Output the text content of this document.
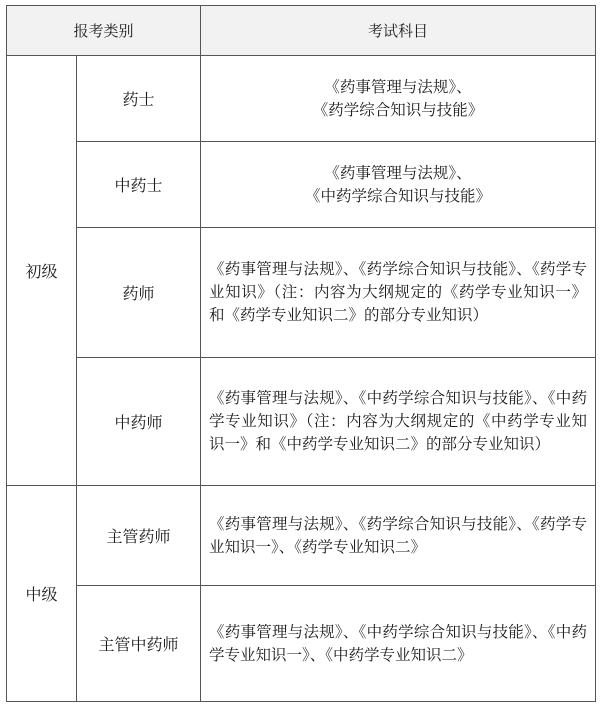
报考类别		考试科目
初级	药士	《药事管理与法规》、
《药学综合知识与技能》
	中药士	《药事管理与法规》、
《中药学综合知识与技能》
	药师	《药事管理与法规》、《药学综合知识与技能》、《药学专业知识》（注：内容为大纲规定的《药学专业知识一》和《药学专业知识二》的部分专业知识）
	中药师	《药事管理与法规》、《中药学综合知识与技能》、《中药学专业知识》（注：内容为大纲规定的《中药学专业知识一》和《中药学专业知识二》的部分专业知识）
中级	主管药师	《药事管理与法规》、《药学综合知识与技能》、《药学专业知识一》、《药学专业知识二》
	主管中药师	《药事管理与法规》、《中药学综合知识与技能》、《中药学专业知识一》、《中药学专业知识二》
